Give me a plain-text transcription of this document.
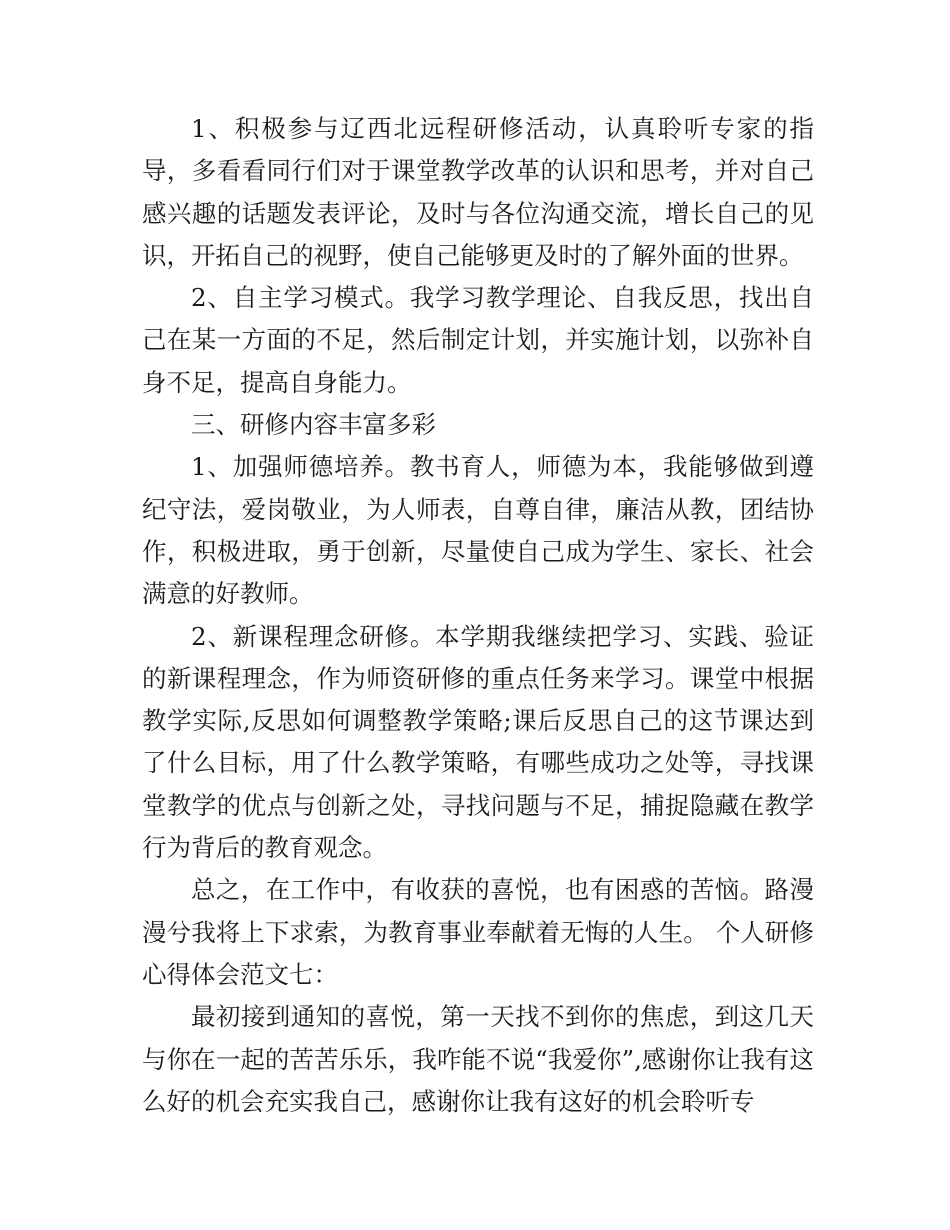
1、积极参与辽西北远程研修活动，认真聆听专家的指导，多看看同行们对于课堂教学改革的认识和思考，并对自己感兴趣的话题发表评论，及时与各位沟通交流，增长自己的见识，开拓自己的视野，使自己能够更及时的了解外面的世界。

2、自主学习模式。我学习教学理论、自我反思，找出自己在某一方面的不足，然后制定计划，并实施计划，以弥补自身不足，提高自身能力。

三、研修内容丰富多彩

1、加强师德培养。教书育人，师德为本，我能够做到遵纪守法，爱岗敬业，为人师表，自尊自律，廉洁从教，团结协作，积极进取，勇于创新，尽量使自己成为学生、家长、社会满意的好教师。

2、新课程理念研修。本学期我继续把学习、实践、验证的新课程理念，作为师资研修的重点任务来学习。课堂中根据教学实际,反思如何调整教学策略;课后反思自己的这节课达到了什么目标，用了什么教学策略，有哪些成功之处等，寻找课堂教学的优点与创新之处，寻找问题与不足，捕捉隐藏在教学行为背后的教育观念。

总之，在工作中，有收获的喜悦，也有困惑的苦恼。路漫漫兮我将上下求索，为教育事业奉献着无悔的人生。 个人研修心得体会范文七：

最初接到通知的喜悦，第一天找不到你的焦虑，到这几天与你在一起的苦苦乐乐，我咋能不说“我爱你”,感谢你让我有这么好的机会充实我自己，感谢你让我有这好的机会聆听专
